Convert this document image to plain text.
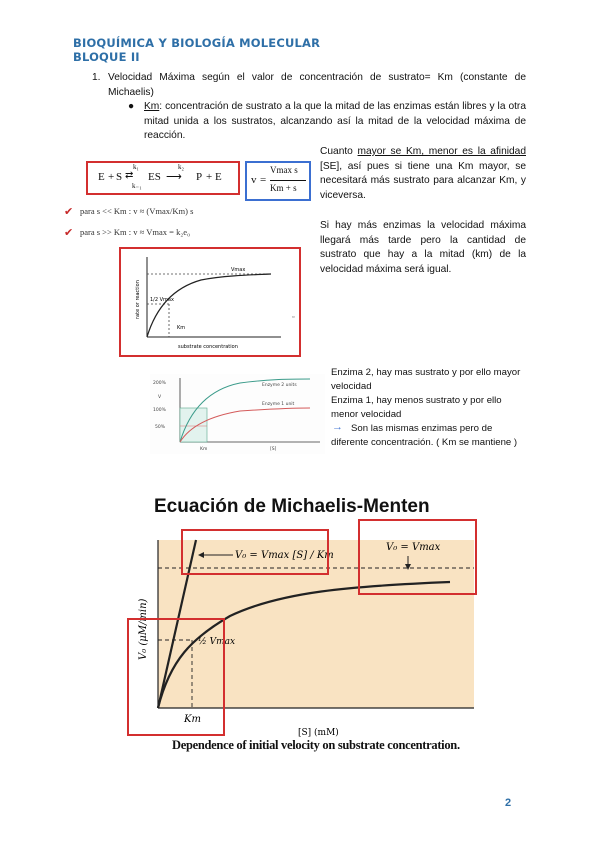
BIOQUÍMICA Y BIOLOGÍA MOLECULAR
BLOQUE II
1. Velocidad Máxima según el valor de concentración de sustrato= Km (constante de Michaelis)
● Km: concentración de sustrato a la que la mitad de las enzimas están libres y la otra mitad unida a los sustratos, alcanzando así la mitad de la velocidad máxima de reacción.
Cuanto mayor se Km, menor es la afinidad [SE], así pues si tiene una Km mayor, se necesitará más sustrato para alcanzar Km, y viceversa.
Si hay más enzimas la velocidad máxima llegará más tarde pero la cantidad de sustrato que hay a la mitad (km) de la velocidad máxima será igual.
E + S
k₁
⇄
k₋₁
ES
k₂
⟶ P + E	v =
Vmax s
Km + s
✔ para s << Km : v ≈ (Vmax/Km) s
✔ para s >> Km : v ≈ Vmax = k₂e₀
Vmax
1/2 Vmax
Km
substrate concentration
rate or reaction	▫
200%
V
100%
50%
Enzyme 2 units
Enzyme 1 unit
Km	[S]
Enzima 2, hay mas sustrato y por ello mayor velocidad
Enzima 1, hay menos sustrato y por ello menor velocidad
→ Son las mismas enzimas pero de diferente concentración. ( Km se mantiene )
Ecuación de Michaelis-Menten
V₀ = Vmax [S] / Km
V₀ = Vmax
½ Vmax
Km
[S] (mM)
V₀ (μM/min)
Dependence of initial velocity on substrate concentration.
2
